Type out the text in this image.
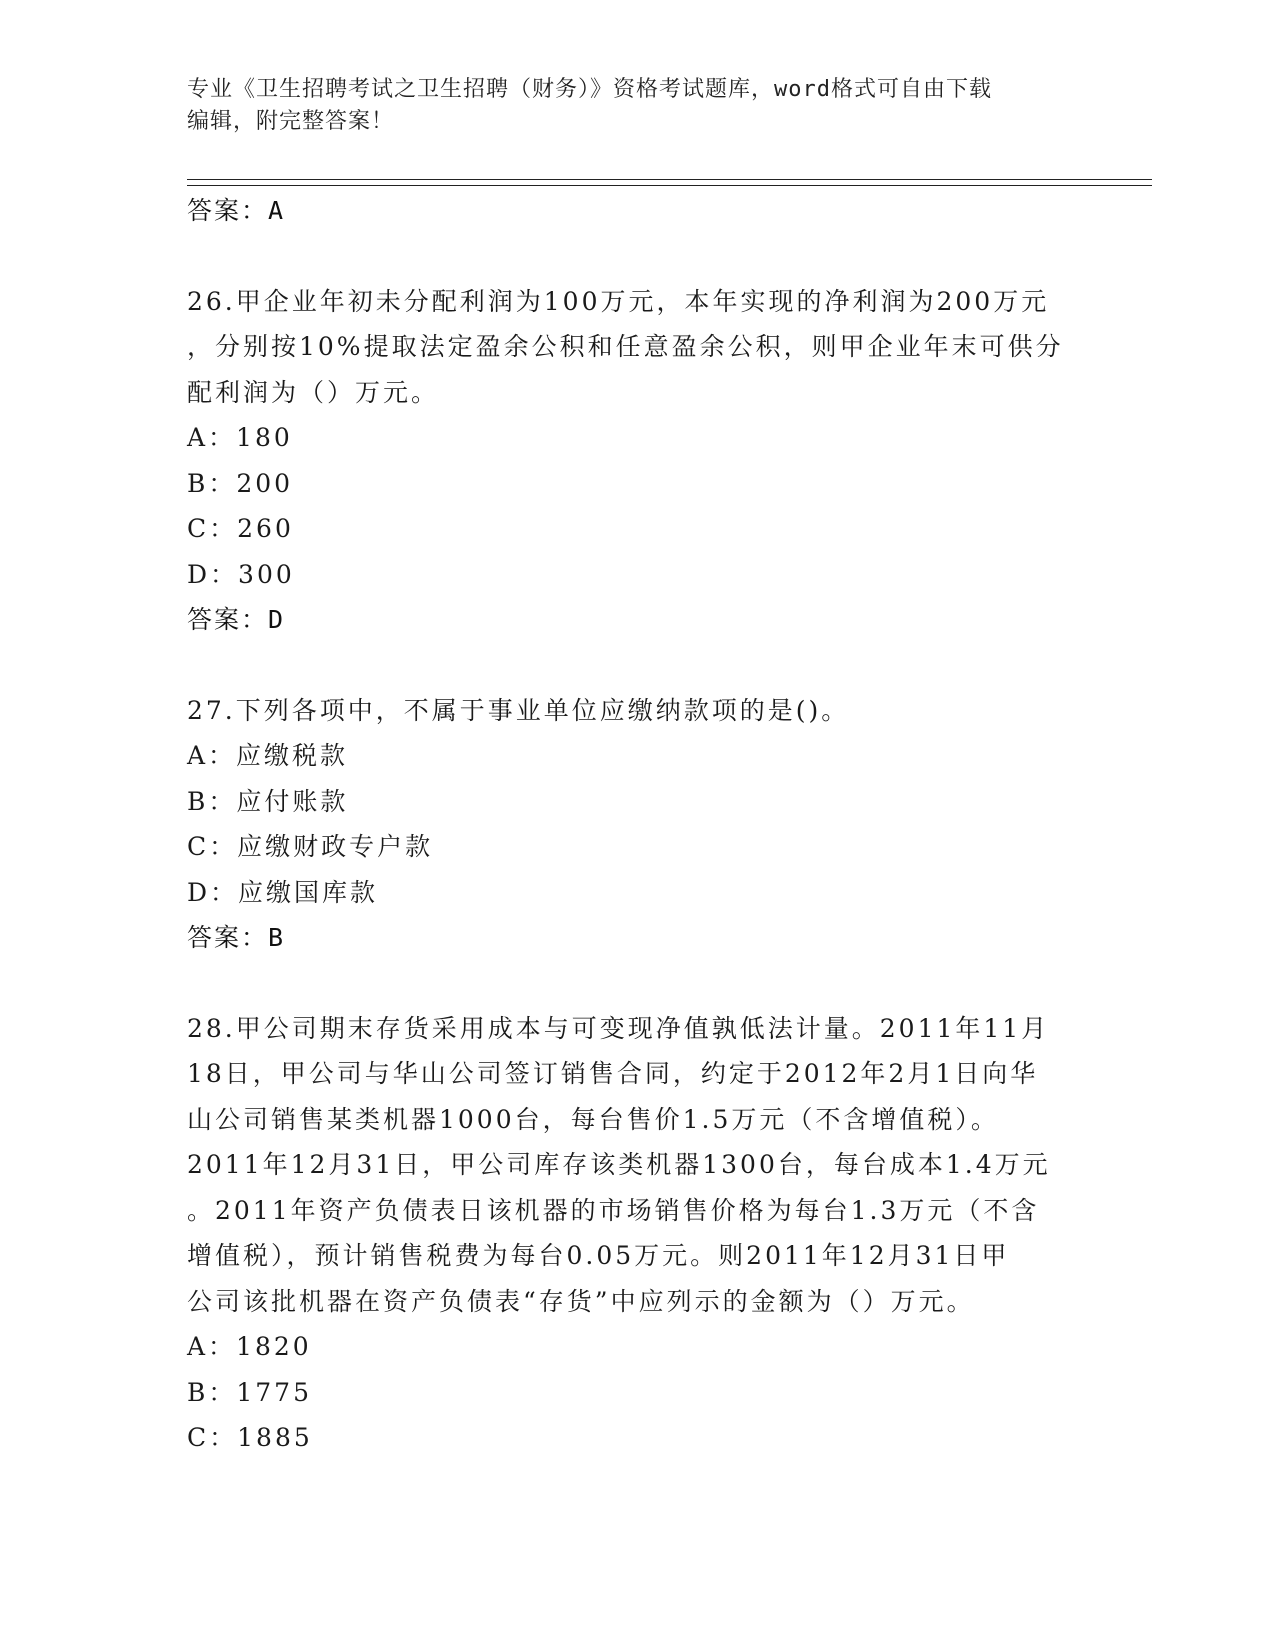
专业《卫生招聘考试之卫生招聘（财务）》资格考试题库，word格式可自由下载
编辑，附完整答案！
答案：A
26.甲企业年初未分配利润为100万元，本年实现的净利润为200万元
，分别按10%提取法定盈余公积和任意盈余公积，则甲企业年末可供分
配利润为（）万元。
A：180
B：200
C：260
D：300
答案：D
27.下列各项中，不属于事业单位应缴纳款项的是()。
A：应缴税款
B：应付账款
C：应缴财政专户款
D：应缴国库款
答案：B
28.甲公司期末存货采用成本与可变现净值孰低法计量。2011年11月
18日，甲公司与华山公司签订销售合同，约定于2012年2月1日向华
山公司销售某类机器1000台，每台售价1.5万元（不含增值税）。
2011年12月31日，甲公司库存该类机器1300台，每台成本1.4万元
。2011年资产负债表日该机器的市场销售价格为每台1.3万元（不含
增值税），预计销售税费为每台0.05万元。则2011年12月31日甲
公司该批机器在资产负债表“存货”中应列示的金额为（）万元。
A：1820
B：1775
C：1885
